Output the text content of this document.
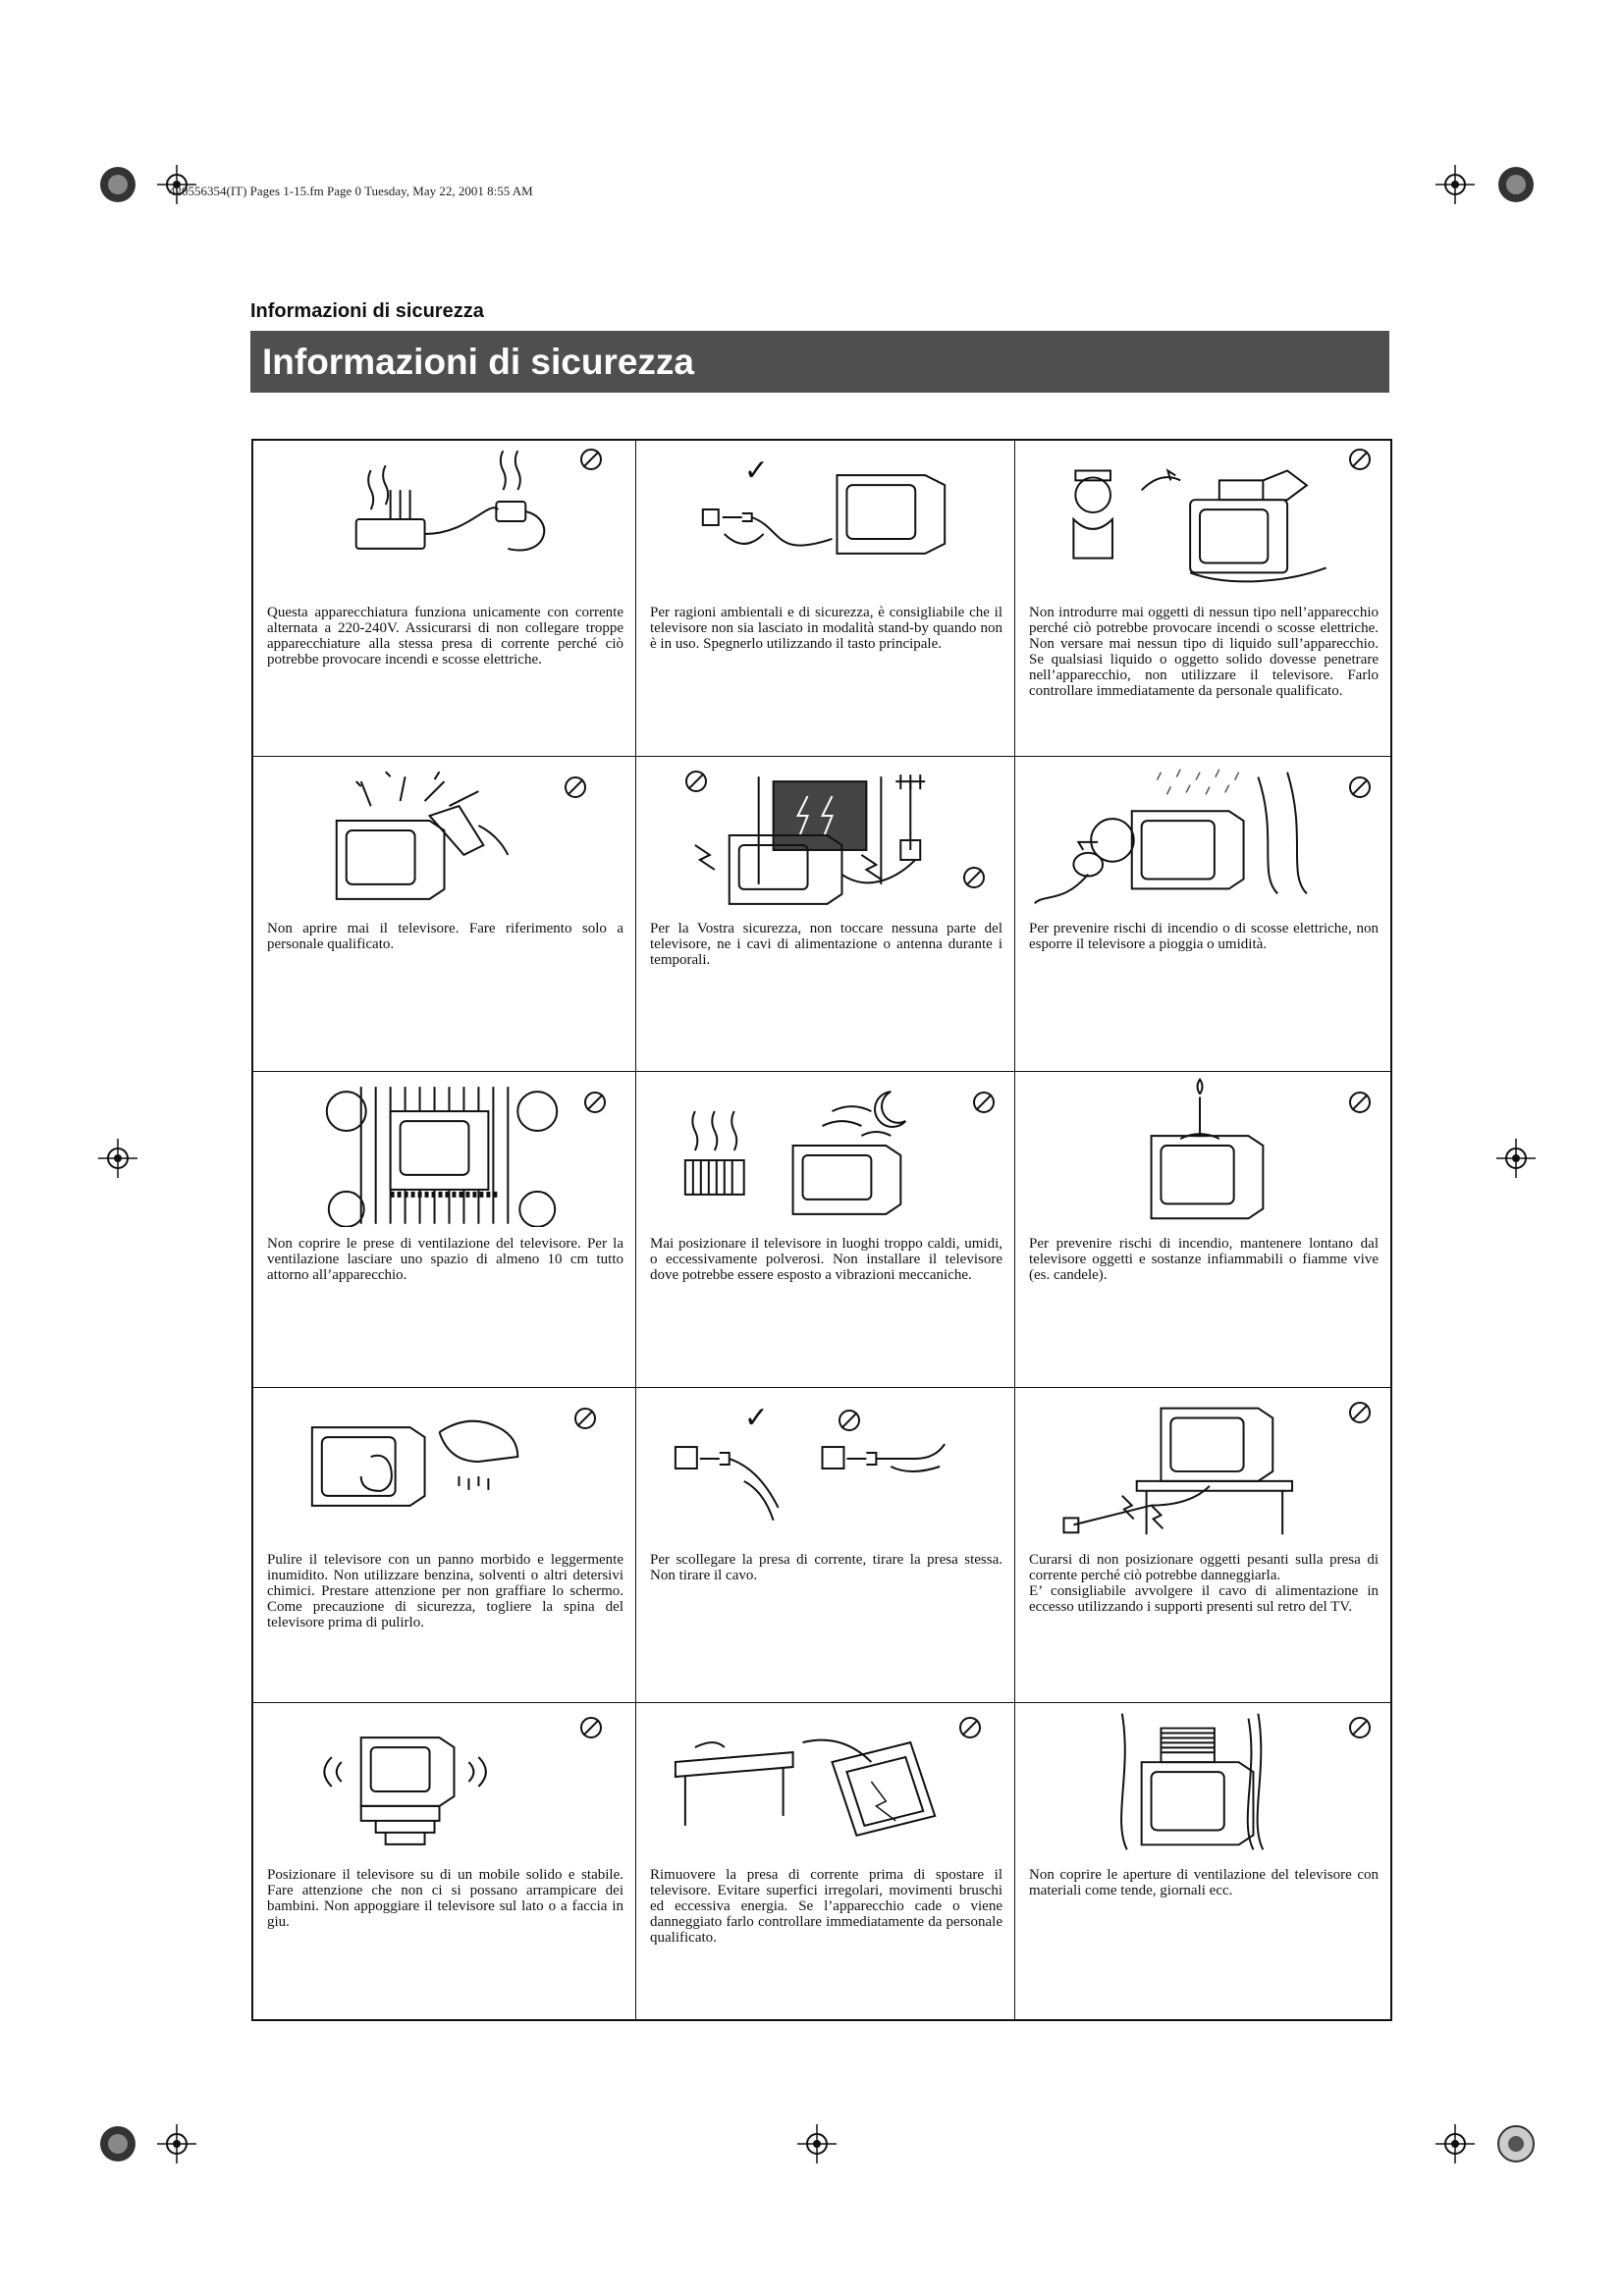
420556354(IT) Pages 1-15.fm Page 0 Tuesday, May 22, 2001 8:55 AM
Informazioni di sicurezza
Informazioni di sicurezza
Questa apparecchiatura funziona unicamente con corrente alternata a 220-240V. Assicurarsi di non collegare troppe apparecchiature alla stessa presa di corrente perché ciò potrebbe provocare incendi e scosse elettriche.
✓
Per ragioni ambientali e di sicurezza, è consigliabile che il televisore non sia lasciato in modalità stand-by quando non è in uso. Spegnerlo utilizzando il tasto principale.
Non introdurre mai oggetti di nessun tipo nell’apparecchio perché ciò potrebbe provocare incendi o scosse elettriche. Non versare mai nessun tipo di liquido sull’apparecchio. Se qualsiasi liquido o oggetto solido dovesse penetrare nell’apparecchio, non utilizzare il televisore. Farlo controllare immediatamente da personale qualificato.
Non aprire mai il televisore. Fare riferimento solo a personale qualificato.
Per la Vostra sicurezza, non toccare nessuna parte del televisore, ne i cavi di alimentazione o antenna durante i temporali.
Per prevenire rischi di incendio o di scosse elettriche, non esporre il televisore a pioggia o umidità.
Non coprire le prese di ventilazione del televisore. Per la ventilazione lasciare uno spazio di almeno 10 cm tutto attorno all’apparecchio.
Mai posizionare il televisore in luoghi troppo caldi, umidi, o eccessivamente polverosi. Non installare il televisore dove potrebbe essere esposto a vibrazioni meccaniche.
Per prevenire rischi di incendio, mantenere lontano dal televisore oggetti e sostanze infiammabili o fiamme vive (es. candele).
Pulire il televisore con un panno morbido e leggermente inumidito. Non utilizzare benzina, solventi o altri detersivi chimici. Prestare attenzione per non graffiare lo schermo. Come precauzione di sicurezza, togliere la spina del televisore prima di pulirlo.
✓
Per scollegare la presa di corrente, tirare la presa stessa. Non tirare il cavo.
Curarsi di non posizionare oggetti pesanti sulla presa di corrente perché ciò potrebbe danneggiarla.
E’ consigliabile avvolgere il cavo di alimentazione in eccesso utilizzando i supporti presenti sul retro del TV.
Posizionare il televisore su di un mobile solido e stabile. Fare attenzione che non ci si possano arrampicare dei bambini. Non appoggiare il televisore sul lato o a faccia in giu.
Rimuovere la presa di corrente prima di spostare il televisore. Evitare superfici irregolari, movimenti bruschi ed eccessiva energia. Se l’apparecchio cade o viene danneggiato farlo controllare immediatamente da personale qualificato.
Non coprire le aperture di ventilazione del televisore con materiali come tende, giornali ecc.
